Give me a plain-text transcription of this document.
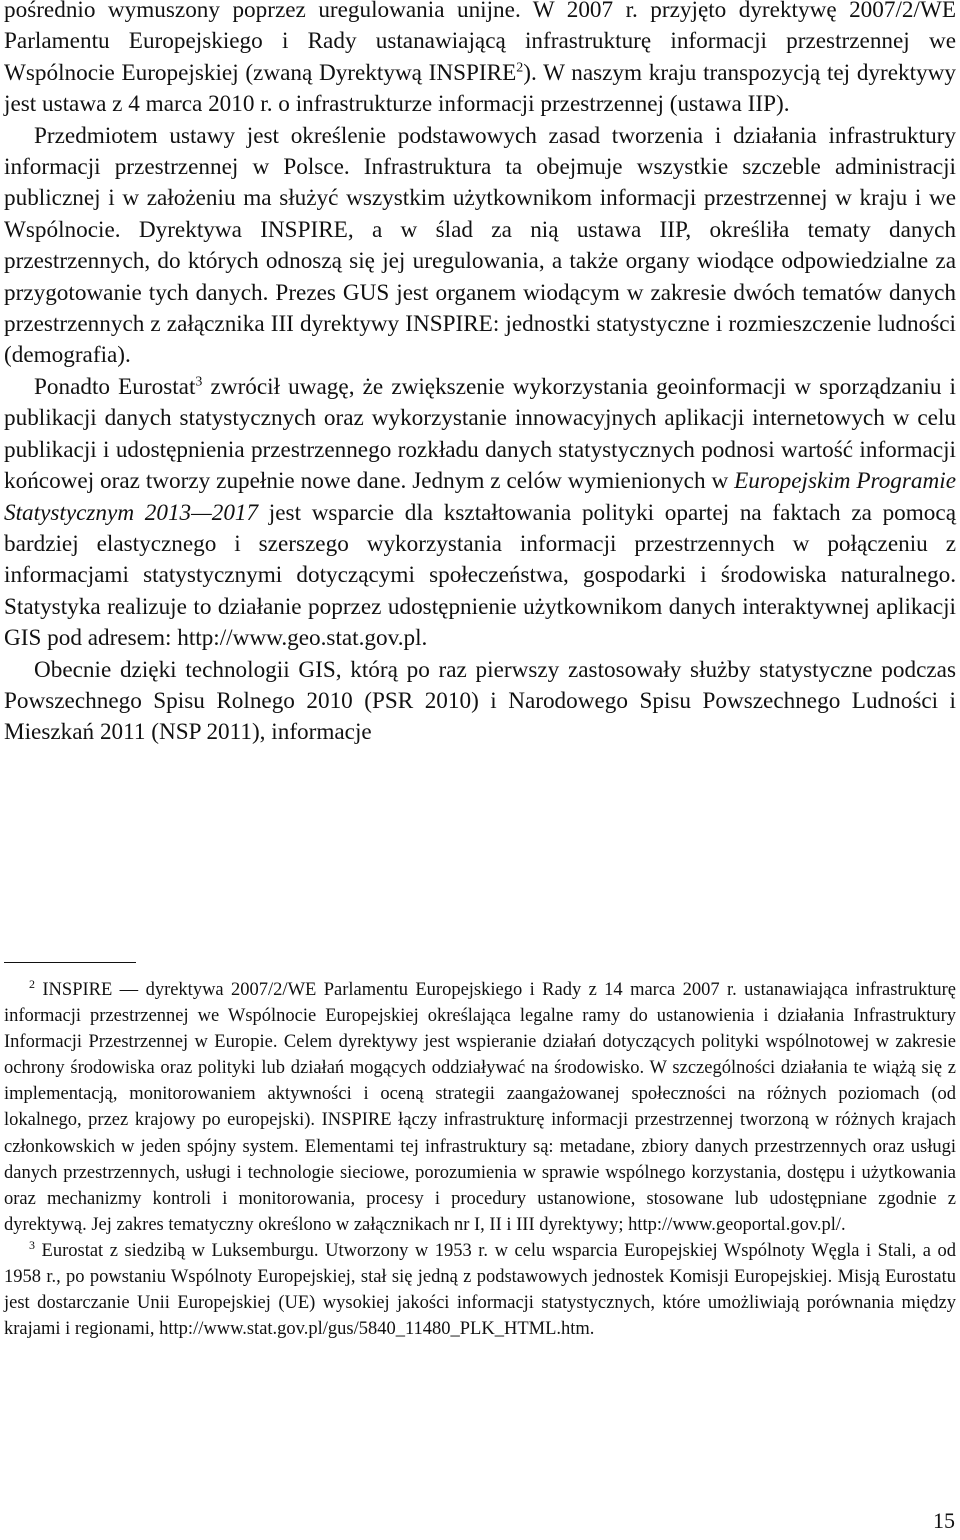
pośrednio wymuszony poprzez uregulowania unijne. W 2007 r. przyjęto dyrektywę 2007/2/WE Parlamentu Europejskiego i Rady ustanawiającą infrastrukturę informacji przestrzennej we Wspólnocie Europejskiej (zwaną Dyrektywą INSPIRE$^2$). W naszym kraju transpozycją tej dyrektywy jest ustawa z 4 marca 2010 r. o infrastrukturze informacji przestrzennej (ustawa IIP).

Przedmiotem ustawy jest określenie podstawowych zasad tworzenia i działania infrastruktury informacji przestrzennej w Polsce. Infrastruktura ta obejmuje wszystkie szczeble administracji publicznej i w założeniu ma służyć wszystkim użytkownikom informacji przestrzennej w kraju i we Wspólnocie. Dyrektywa INSPIRE, a w ślad za nią ustawa IIP, określiła tematy danych przestrzennych, do których odnoszą się jej uregulowania, a także organy wiodące odpowiedzialne za przygotowanie tych danych. Prezes GUS jest organem wiodącym w zakresie dwóch tematów danych przestrzennych z załącznika III dyrektywy INSPIRE: jednostki statystyczne i rozmieszczenie ludności (demografia).

Ponadto Eurostat$^3$ zwrócił uwagę, że zwiększenie wykorzystania geoinformacji w sporządzaniu i publikacji danych statystycznych oraz wykorzystanie innowacyjnych aplikacji internetowych w celu publikacji i udostępnienia przestrzennego rozkładu danych statystycznych podnosi wartość informacji końcowej oraz tworzy zupełnie nowe dane. Jednym z celów wymienionych w Europejskim Programie Statystycznym 2013—2017 jest wsparcie dla kształtowania polityki opartej na faktach za pomocą bardziej elastycznego i szerszego wykorzystania informacji przestrzennych w połączeniu z informacjami statystycznymi dotyczącymi społeczeństwa, gospodarki i środowiska naturalnego. Statystyka realizuje to działanie poprzez udostępnienie użytkownikom danych interaktywnej aplikacji GIS pod adresem: http://www.geo.stat.gov.pl.

Obecnie dzięki technologii GIS, którą po raz pierwszy zastosowały służby statystyczne podczas Powszechnego Spisu Rolnego 2010 (PSR 2010) i Narodowego Spisu Powszechnego Ludności i Mieszkań 2011 (NSP 2011), informacje

$^2$ INSPIRE — dyrektywa 2007/2/WE Parlamentu Europejskiego i Rady z 14 marca 2007 r. ustanawiająca infrastrukturę informacji przestrzennej we Wspólnocie Europejskiej określająca legalne ramy do ustanowienia i działania Infrastruktury Informacji Przestrzennej w Europie. Celem dyrektywy jest wspieranie działań dotyczących polityki wspólnotowej w zakresie ochrony środowiska oraz polityki lub działań mogących oddziaływać na środowisko. W szczególności działania te wiążą się z implementacją, monitorowaniem aktywności i oceną strategii zaangażowanej społeczności na różnych poziomach (od lokalnego, przez krajowy po europejski). INSPIRE łączy infrastrukturę informacji przestrzennej tworzoną w różnych krajach członkowskich w jeden spójny system. Elementami tej infrastruktury są: metadane, zbiory danych przestrzennych oraz usługi danych przestrzennych, usługi i technologie sieciowe, porozumienia w sprawie wspólnego korzystania, dostępu i użytkowania oraz mechanizmy kontroli i monitorowania, procesy i procedury ustanowione, stosowane lub udostępniane zgodnie z dyrektywą. Jej zakres tematyczny określono w załącznikach nr I, II i III dyrektywy; http://www.geoportal.gov.pl/.

$^3$ Eurostat z siedzibą w Luksemburgu. Utworzony w 1953 r. w celu wsparcia Europejskiej Wspólnoty Węgla i Stali, a od 1958 r., po powstaniu Wspólnoty Europejskiej, stał się jedną z podstawowych jednostek Komisji Europejskiej. Misją Eurostatu jest dostarczanie Unii Europejskiej (UE) wysokiej jakości informacji statystycznych, które umożliwiają porównania między krajami i regionami, http://www.stat.gov.pl/gus/5840_11480_PLK_HTML.htm.

15
